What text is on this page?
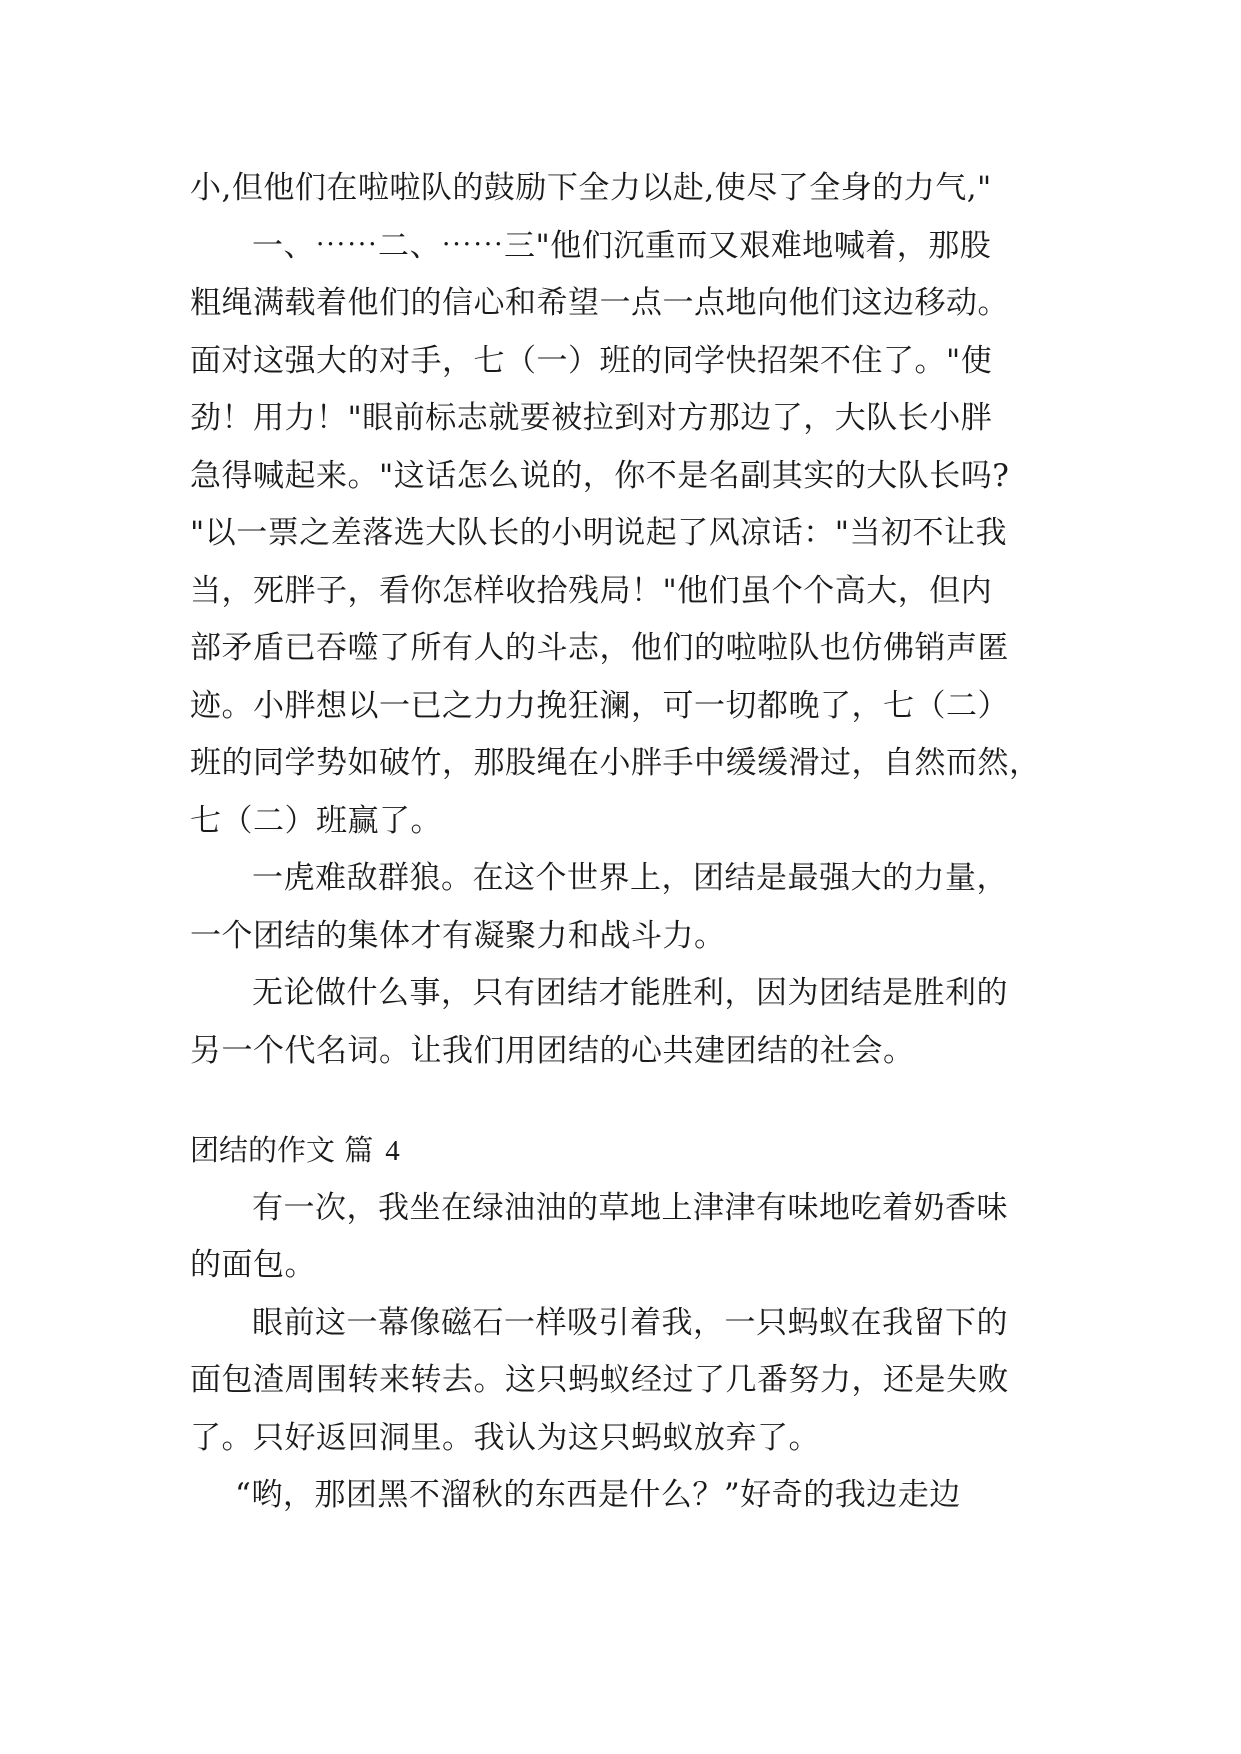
小,但他们在啦啦队的鼓励下全力以赴,使尽了全身的力气,"
一、⋯⋯二、⋯⋯三"他们沉重而又艰难地喊着，那股
粗绳满载着他们的信心和希望一点一点地向他们这边移动。
面对这强大的对手，七（一）班的同学快招架不住了。"使
劲！用力！"眼前标志就要被拉到对方那边了，大队长小胖
急得喊起来。"这话怎么说的，你不是名副其实的大队长吗?
"以一票之差落选大队长的小明说起了风凉话："当初不让我
当，死胖子，看你怎样收拾残局！"他们虽个个高大，但内
部矛盾已吞噬了所有人的斗志，他们的啦啦队也仿佛销声匿
迹。小胖想以一已之力力挽狂澜，可一切都晚了，七（二）
班的同学势如破竹，那股绳在小胖手中缓缓滑过，自然而然，
七（二）班赢了。
一虎难敌群狼。在这个世界上，团结是最强大的力量，
一个团结的集体才有凝聚力和战斗力。
无论做什么事，只有团结才能胜利，因为团结是胜利的
另一个代名词。让我们用团结的心共建团结的社会。
团结的作文 篇 4
有一次，我坐在绿油油的草地上津津有味地吃着奶香味
的面包。
眼前这一幕像磁石一样吸引着我，一只蚂蚁在我留下的
面包渣周围转来转去。这只蚂蚁经过了几番努力，还是失败
了。只好返回洞里。我认为这只蚂蚁放弃了。
“哟，那团黑不溜秋的东西是什么？”好奇的我边走边
